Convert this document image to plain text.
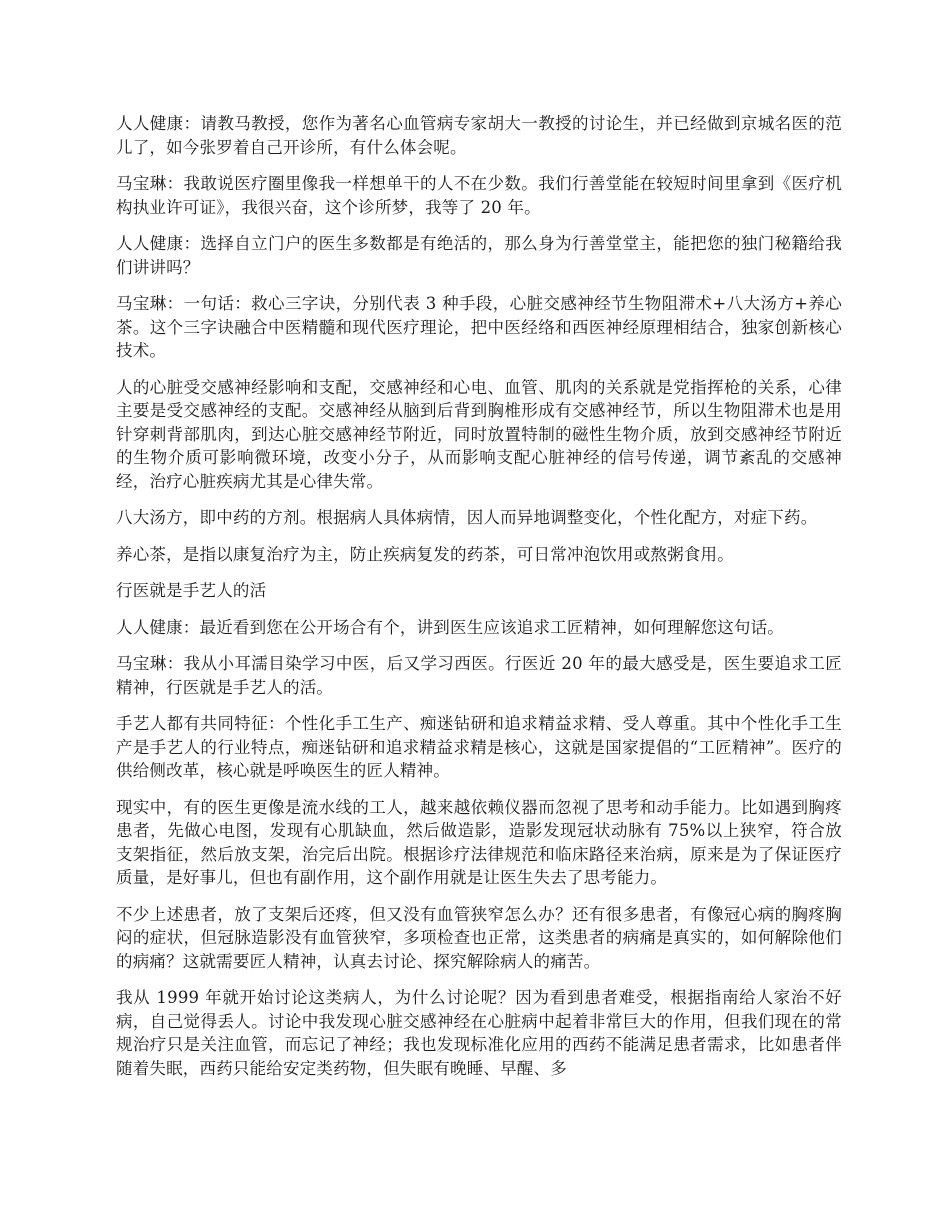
人人健康：请教马教授，您作为著名心血管病专家胡大一教授的讨论生，并已经做到京城名医的范儿了，如今张罗着自己开诊所，有什么体会呢。

马宝琳：我敢说医疗圈里像我一样想单干的人不在少数。我们行善堂能在较短时间里拿到《医疗机构执业许可证》，我很兴奋，这个诊所梦，我等了 20 年。

人人健康：选择自立门户的医生多数都是有绝活的，那么身为行善堂堂主，能把您的独门秘籍给我们讲讲吗？

马宝琳：一句话：救心三字诀，分别代表 3 种手段，心脏交感神经节生物阻滞术+八大汤方+养心茶。这个三字诀融合中医精髓和现代医疗理论，把中医经络和西医神经原理相结合，独家创新核心技术。

人的心脏受交感神经影响和支配，交感神经和心电、血管、肌肉的关系就是党指挥枪的关系，心律主要是受交感神经的支配。交感神经从脑到后背到胸椎形成有交感神经节，所以生物阻滞术也是用针穿刺背部肌肉，到达心脏交感神经节附近，同时放置特制的磁性生物介质，放到交感神经节附近的生物介质可影响微环境，改变小分子，从而影响支配心脏神经的信号传递，调节紊乱的交感神经，治疗心脏疾病尤其是心律失常。

八大汤方，即中药的方剂。根据病人具体病情，因人而异地调整变化，个性化配方，对症下药。

养心茶，是指以康复治疗为主，防止疾病复发的药茶，可日常冲泡饮用或熬粥食用。

行医就是手艺人的活

人人健康：最近看到您在公开场合有个，讲到医生应该追求工匠精神，如何理解您这句话。

马宝琳：我从小耳濡目染学习中医，后又学习西医。行医近 20 年的最大感受是，医生要追求工匠精神，行医就是手艺人的活。

手艺人都有共同特征：个性化手工生产、痴迷钻研和追求精益求精、受人尊重。其中个性化手工生产是手艺人的行业特点，痴迷钻研和追求精益求精是核心，这就是国家提倡的“工匠精神”。医疗的供给侧改革，核心就是呼唤医生的匠人精神。

现实中，有的医生更像是流水线的工人，越来越依赖仪器而忽视了思考和动手能力。比如遇到胸疼患者，先做心电图，发现有心肌缺血，然后做造影，造影发现冠状动脉有 75%以上狭窄，符合放支架指征，然后放支架，治完后出院。根据诊疗法律规范和临床路径来治病，原来是为了保证医疗质量，是好事儿，但也有副作用，这个副作用就是让医生失去了思考能力。

不少上述患者，放了支架后还疼，但又没有血管狭窄怎么办？还有很多患者，有像冠心病的胸疼胸闷的症状，但冠脉造影没有血管狭窄，多项检查也正常，这类患者的病痛是真实的，如何解除他们的病痛？这就需要匠人精神，认真去讨论、探究解除病人的痛苦。

我从 1999 年就开始讨论这类病人，为什么讨论呢？因为看到患者难受，根据指南给人家治不好病，自己觉得丢人。讨论中我发现心脏交感神经在心脏病中起着非常巨大的作用，但我们现在的常规治疗只是关注血管，而忘记了神经；我也发现标准化应用的西药不能满足患者需求，比如患者伴随着失眠，西药只能给安定类药物，但失眠有晚睡、早醒、多
